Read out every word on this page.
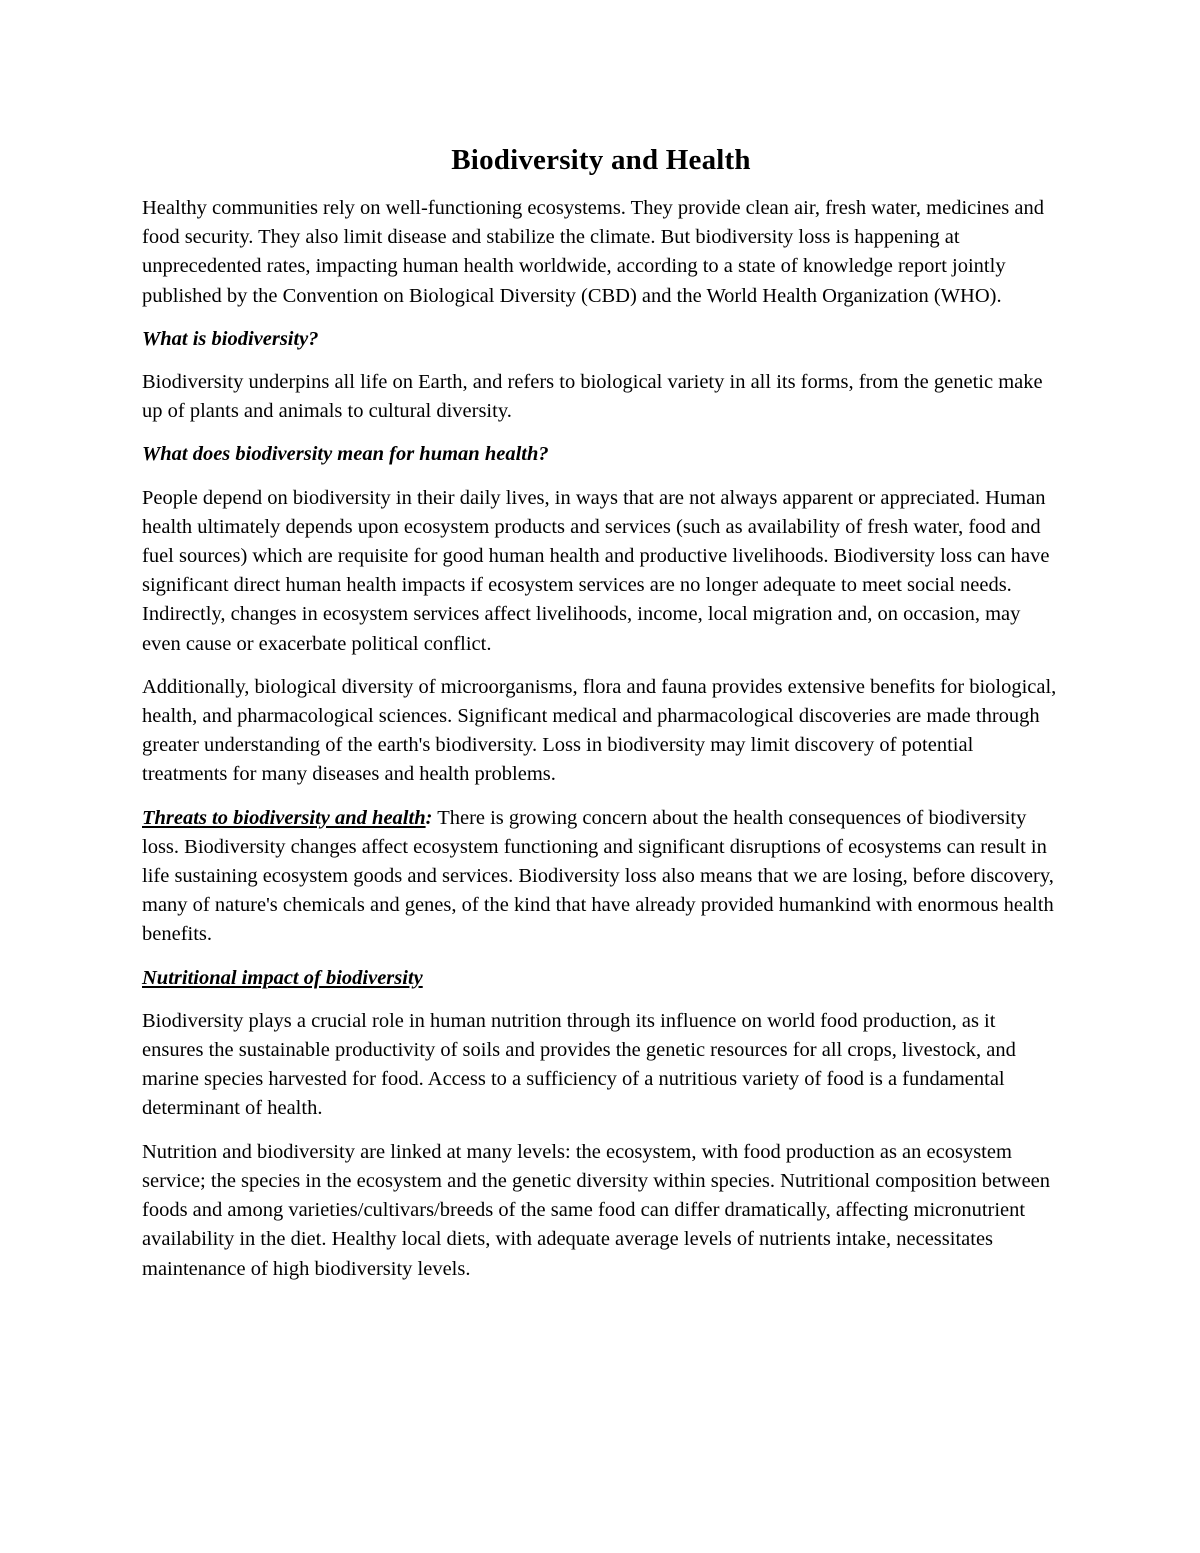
Biodiversity and Health

Healthy communities rely on well-functioning ecosystems. They provide clean air, fresh water, medicines and food security. They also limit disease and stabilize the climate. But biodiversity loss is happening at unprecedented rates, impacting human health worldwide, according to a state of knowledge report jointly published by the Convention on Biological Diversity (CBD) and the World Health Organization (WHO).

What is biodiversity?

Biodiversity underpins all life on Earth, and refers to biological variety in all its forms, from the genetic make up of plants and animals to cultural diversity.

What does biodiversity mean for human health?

People depend on biodiversity in their daily lives, in ways that are not always apparent or appreciated. Human health ultimately depends upon ecosystem products and services (such as availability of fresh water, food and fuel sources) which are requisite for good human health and productive livelihoods. Biodiversity loss can have significant direct human health impacts if ecosystem services are no longer adequate to meet social needs. Indirectly, changes in ecosystem services affect livelihoods, income, local migration and, on occasion, may even cause or exacerbate political conflict.

Additionally, biological diversity of microorganisms, flora and fauna provides extensive benefits for biological, health, and pharmacological sciences. Significant medical and pharmacological discoveries are made through greater understanding of the earth's biodiversity. Loss in biodiversity may limit discovery of potential treatments for many diseases and health problems.

Threats to biodiversity and health: There is growing concern about the health consequences of biodiversity loss. Biodiversity changes affect ecosystem functioning and significant disruptions of ecosystems can result in life sustaining ecosystem goods and services. Biodiversity loss also means that we are losing, before discovery, many of nature's chemicals and genes, of the kind that have already provided humankind with enormous health benefits.

Nutritional impact of biodiversity

Biodiversity plays a crucial role in human nutrition through its influence on world food production, as it ensures the sustainable productivity of soils and provides the genetic resources for all crops, livestock, and marine species harvested for food. Access to a sufficiency of a nutritious variety of food is a fundamental determinant of health.

Nutrition and biodiversity are linked at many levels: the ecosystem, with food production as an ecosystem service; the species in the ecosystem and the genetic diversity within species. Nutritional composition between foods and among varieties/cultivars/breeds of the same food can differ dramatically, affecting micronutrient availability in the diet. Healthy local diets, with adequate average levels of nutrients intake, necessitates maintenance of high biodiversity levels.
